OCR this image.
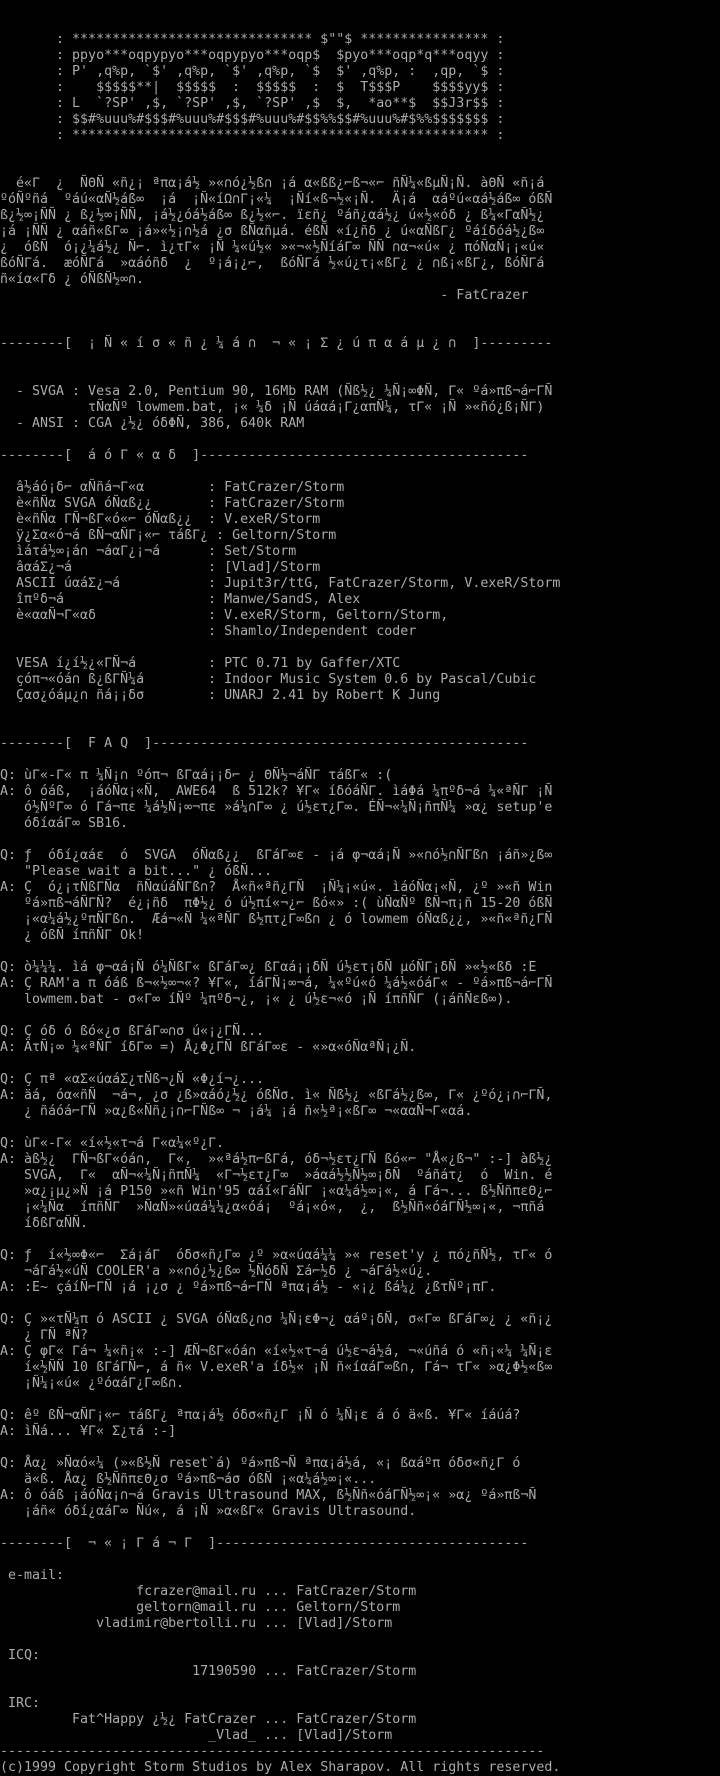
: ****************************** $""$ **************** :
: ppyo***oqpypyo***oqpypyo***oqp$  $pyo***oqp*q***oqyy :
: P' ,q%p, `$' ,q%p, `$' ,q%p, `$  $' ,q%p, :  ,qp, `$ :
:    $$$$$**|  $$$$$  :  $$$$$  :  $  T$$$P    $$$$yy$ :
: L  `?SP' ,$, `?SP' ,$, `?SP' ,$  $,  *ao**$  $$J3r$$ :
: $$#%uuu%#$$$#%uuu%#$$$#%uuu%#$$%%$$#%uuu%#$%%$$$$$$$ :
: **************************************************** :

é«Γ  ¿  ÑΘÑ «ñ¿¡ ªπα¡á½ »«∩ó¿½ß∩ ¡á α«ßß¿⌐ß¬«⌐ ñÑ¼«ßµÑ¡Ñ. àΘÑ «ñ¡á
ºóÑºñá  ºáú«αÑ½áß∞  ¡á  ¡Ñ«íΩ∩Γ¡«¼  ¡Ñí«ß¬½«¡Ñ.  Ä¡á  αáºú«αá½áß∞ óßÑ
ß¿½∞¡ÑÑ ¿ ß¿½∞¡ÑÑ, ¡á½¿óá½áß∞ ß¿½«⌐. ïεñ¿ ºáñ¿αá½¿ ú«½«óδ ¿ ß¼«ΓαÑ½¿
¡á ¡ÑÑ ¿ αáñ«ßΓ∞ ¡á»«½¡∩½á ¿σ ßÑαñµá. éßÑ «í¿ñδ ¿ ú«αÑßΓ¿ ºáíδóá½¿ß∞
¿  óßÑ  ó¡¿¼á½¿ Ñ⌐. ì¿τΓ« ¡Ñ ¼«ú½« »«¬«½ÑíáΓ∞ ÑÑ ∩α¬«ú« ¿ πóÑαÑ¡¡«ú«
ßóÑΓá.  æóÑΓá  »αáóñδ  ¿  º¡á¡¿⌐,  ßóÑΓá ½«ú¿τ¡«ßΓ¿ ¿ ∩ß¡«ßΓ¿, ßóÑΓá
ñ«íα«Γδ ¿ óÑßÑ½∞∩.
- FatCrazer

--------[  ¡ Ñ « í σ « ñ ¿ ¼ á ∩  ¬ « ¡ Σ ¿ ú π α á µ ¿ ∩  ]---------

- SVGA : Vesa 2.0, Pentium 90, 16Mb RAM (Ñß½¿ ¼Ñ¡∞ΦÑ, Γ« ºá»πß¬á⌐ΓÑ
τÑαÑº lowmem.bat, ¡« ¼δ ¡Ñ úáαá¡Γ¿απÑ¼, τΓ« ¡Ñ »«ñó¿ß¡ÑΓ)
- ANSI : CGA ¿½¿ óδΦÑ, 386, 640k RAM

--------[  á ó Γ « α δ  ]-----------------------------------------

â½áó¡δ⌐ αÑñá¬Γ«α        : FatCrazer/Storm
è«ñÑα SVGA óÑαß¿¿       : FatCrazer/Storm
è«ñÑα ΓÑ¬ßΓ«ó«⌐ óÑαß¿¿  : V.exeR/Storm
ÿ¿Σα«ó¬á ßÑ¬αÑΓ¡«⌐ τáßΓ¿ : Geltorn/Storm
ìáτá½∞¡á∩ ¬áαΓ¿¡¬á      : Set/Storm
âαáΣ¿¬á                 : [Vlad]/Storm
ASCII úαáΣ¿¬á           : Jupit3r/ttG, FatCrazer/Storm, V.exeR/Storm
îπºδ¬á                  : Manwe/SandS, Alex
è«ααÑ¬Γ«αδ              : V.exeR/Storm, Geltorn/Storm,
: Shamlo/Independent coder

VESA í¿í½¿«ΓÑ¬á         : PTC 0.71 by Gaffer/XTC
çóπ¬«óá∩ ß¿ßΓÑ¼á        : Indoor Music System 0.6 by Pascal/Cubic
Çασ¿óáµ¿∩ ñá¡¡δσ        : UNARJ 2.41 by Robert K Jung

--------[  F A Q  ]-----------------------------------------------

Q: ùΓ«-Γ« π ¼Ñ¡∩ ºóπ¬ ßΓαá¡¡δ⌐ ¿ ΘÑ½¬áÑΓ τáßΓ« :(
A: ô óáß,  ¡áóÑα¡«Ñ,  AWE64  ß 512k? ¥Γ« íδóáÑΓ. ìáΦá ¼πºδ¬á ¼«ªÑΓ ¡Ñ
ó½ÑºΓ∞ ó Γá¬πε ¼á½Ñ¡∞¬πε »á¼∩Γ∞ ¿ ú½ετ¿Γ∞. ÉÑ¬«¼Ñ¡ñπÑ¼ »α¿ setup'e
óδíαáΓ∞ SB16.

Q: ƒ  óδí¿αáε  ó  SVGA  óÑαß¿¿  ßΓáΓ∞ε - ¡á φ¬αá¡Ñ »«∩ó½∩ÑΓß∩ ¡áñ»¿ß∞
"Please wait a bit..." ¿ óßÑ...
A: Ç  ó¿¡τÑßΓÑα  ñÑαúáÑΓß∩?  Å«ñ«ªñ¿ΓÑ  ¡Ñ¼¡«ú«. ìáóÑα¡«Ñ, ¿º »«ñ Win
ºá»πß¬áÑΓÑ?  é¿¡ñδ  πΦ½¿ ó ú½πí«¬¿⌐ ßó«» :( ùÑαÑº ßÑ¬π¡ñ 15-20 óßÑ
¡«α¼á½¿ºπÑΓß∩.  Æá¬«Ñ ¼«ªÑΓ ß½πτ¿Γ∞ß∩ ¿ ó lowmem óÑαß¿¿, »«ñ«ªñ¿ΓÑ
¿ óßÑ íπñÑΓ Ok!

Q: ò¼¼¼. ìá φ¬αá¡Ñ ó¼ÑßΓ« ßΓáΓ∞¿ ßΓαá¡¡δÑ ú½ετ¡δÑ µóÑΓ¡δÑ »«½«ßδ :E
A: Ç RAM'a π óáß ß¬«½∞¬«? ¥Γ«, íáΓÑ¡∞¬á, ¼«ºú«ó ¼á½«óáΓ« - ºá»πß¬á⌐ΓÑ
lowmem.bat - σ«Γ∞ íÑº ¼πºδ¬¿, ¡« ¿ ú½ε¬«ó ¡Ñ íπñÑΓ (¡áñÑεß∞).

Q: Ç óδ ó ßó«¿σ ßΓáΓ∞∩σ ú«¡¿ΓÑ...
A: ÄτÑ¡∞ ¼«ªÑΓ íδΓ∞ =) Å¿Φ¿ΓÑ ßΓáΓ∞ε - «»α«óÑαªÑ¡¿Ñ.

Q: Ç πª «αΣ«úαáΣ¿τÑß¬¿Ñ «Φ¿í¬¿...
A: äá, óα«ñÑ  ¬á¬, ¿σ ¿ß»αáó¿½¿ óßÑσ. ì« Ñß½¿ «ßΓá½¿ß∞, Γ« ¿ºó¿¡∩⌐ΓÑ,
¿ ñáóá⌐ΓÑ »α¿ß«Ññ¿¡∩⌐ΓÑß∞ ¬ ¡á¼ ¡á ñ«½ª¡«ßΓ∞ ¬«ααÑ¬Γ«αá.

Q: ùΓ«-Γ« «í«½«τ¬á Γ«α¼«º¿Γ.
A: àß½¿  ΓÑ¬ßΓ«óá∩,  Γ«,  »«ªá½π⌐ßΓá, óδ¬½ετ¿ΓÑ ßó«⌐ "Å«¿ß¬" :-] àß½¿
SVGA,  Γ«  αÑ¬«¼Ñ¡ñπÑ¼  «Γ¬½ετ¿Γ∞  »áαá½½Ñ½∞¡δÑ  ºáñáτ¿  ó  Win. é
»α¿¡µ¿»Ñ ¡á P150 »«ñ Win'95 αáí«ΓáÑΓ ¡«α¼á½∞¡«, á Γá¬... ß½ÑñπεΘ¿⌐
¡«¼Ñα  íπñÑΓ  »ÑαÑ»«úαá¼¼¿α«óá¡  ºá¡«ó«,  ¿,  ß½Ññ«óáΓÑ½∞¡«, ¬πñá
íδßΓαÑÑ.

Q: ƒ  í«½∞Φ«⌐  Σá¡áΓ  óδσ«ñ¿Γ∞ ¿º »α«úαá¼¼ »« reset'y ¿ πó¿ñÑ½, τΓ« ó
¬áΓá½«úÑ COOLER'a »«∩ó¿½¿ß∞ ½ÑóδÑ Σá⌐½δ ¿ ¬áΓá½«ú¿.
A: :E~ çáíÑ⌐ΓÑ ¡á ¡¿σ ¿ ºá»πß¬á⌐ΓÑ ªπα¡á½ - «¡¿ ßá¼¿ ¿ßτÑº¡πΓ.

Q: Ç »«τÑ¼π ó ASCII ¿ SVGA óÑαß¿∩σ ¼Ñ¡εΦ¬¿ αáº¡δÑ, σ«Γ∞ ßΓáΓ∞¿ ¿ «ñ¡¿
¿ ΓÑ ªÑ?
A: Ç φΓ« Γá¬ ¼«ñ¡« :-] ÆÑ¬ßΓ«óá∩ «í«½«τ¬á ú½ε¬á½á, ¬«úñá ó «ñ¡«¼ ¼Ñ¡ε
í«½ÑÑ 10 ßΓáΓÑ⌐, á ñ« V.exeR'a íδ½« ¡Ñ ñ«íαáΓ∞ß∩, Γá¬ τΓ« »α¿Φ½«ß∞
¡Ñ¼¡«ú« ¿ºóαáΓ¿Γ∞ß∩.

Q: êº ßÑ¬αÑΓ¡«⌐ τáßΓ¿ ªπα¡á½ óδσ«ñ¿Γ ¡Ñ ó ¼Ñ¡ε á ó ä«ß. ¥Γ« íáúá?
A: ìÑá... ¥Γ« Σ¿τá :-]

Q: Åα¿ »Ñαó«¼ (»«ß½Ñ reset`á) ºá»πß¬Ñ ªπα¡á½á, «¡ ßαáºπ óδσ«ñ¿Γ ó
ä«ß. Åα¿ ß½ÑñπεΘ¿σ ºá»πß¬áσ óßÑ ¡«α¼á½∞¡«...
A: ô óáß ¡áóÑα¡∩¬á Gravis Ultrasound MAX, ß½Ññ«óáΓÑ½∞¡« »α¿ ºá»πß¬Ñ
¡áñ« óδí¿αáΓ∞ Ñú«, á ¡Ñ »α«ßΓ« Gravis Ultrasound.

--------[  ¬ « ¡ Γ á ¬ Γ  ]---------------------------------------

e-mail:
fcrazer@mail.ru ... FatCrazer/Storm
geltorn@mail.ru ... Geltorn/Storm
vladimir@bertolli.ru ... [Vlad]/Storm

ICQ:
17190590 ... FatCrazer/Storm

IRC:
Fat^Happy ¿½¿ FatCrazer ... FatCrazer/Storm
_Vlad_ ... [Vlad]/Storm
--------------------------------------------------------------------
(c)1999 Copyright Storm Studios by Alex Sharapov. All rights reserved.
